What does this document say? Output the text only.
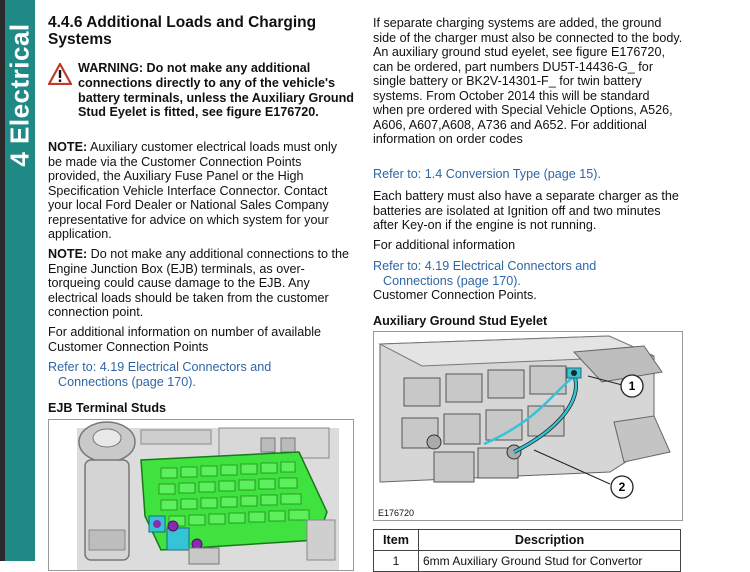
4 Electrical
4.4.6 Additional Loads and Charging Systems
WARNING: Do not make any additional connections directly to any of the vehicle's battery terminals, unless the Auxiliary Ground Stud Eyelet is fitted, see figure E176720.

NOTE: Auxiliary customer electrical loads must only be made via the Customer Connection Points provided, the Auxiliary Fuse Panel or the High Specification Vehicle Interface Connector. Contact your local Ford Dealer or National Sales Company representative for advice on which system for your application.

NOTE: Do not make any additional connections to the Engine Junction Box (EJB) terminals, as over-torqueing could cause damage to the EJB. Any electrical loads should be taken from the customer connection point.

For additional information on number of available Customer Connection Points

Refer to: 4.19 Electrical Connectors and

Connections (page 170).

EJB Terminal Studs

If separate charging systems are added, the ground side of the charger must also be connected to the body. An auxiliary ground stud eyelet, see figure E176720, can be ordered, part numbers DU5T-14436-G_ for single battery or BK2V-14301-F_ for twin battery systems. From October 2014 this will be standard when pre ordered with Special Vehicle Options, A526, A606, A607,A608, A736 and A652. For additional information on order codes

Refer to: 1.4 Conversion Type (page 15).

Each battery must also have a separate charger as the batteries are isolated at Ignition off and two minutes after Key-on if the engine is not running.

For additional information

Refer to: 4.19 Electrical Connectors and

Connections (page 170).

Customer Connection Points.

Auxiliary Ground Stud Eyelet
1
2
E176720
Item	Description
1	6mm Auxiliary Ground Stud for Convertor
